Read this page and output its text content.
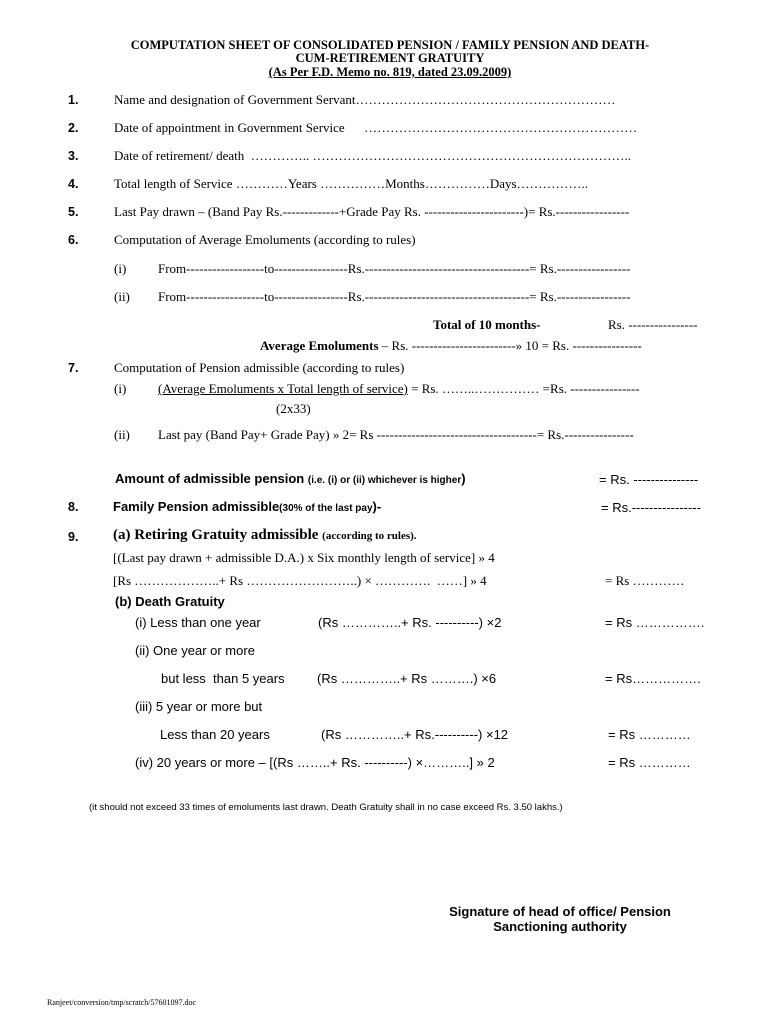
COMPUTATION SHEET OF CONSOLIDATED PENSION / FAMILY PENSION AND DEATH-
CUM-RETIREMENT GRATUITY
(As Per F.D. Memo no. 819, dated 23.09.2009)
1.	Name and designation of Government Servant……………………………………………………
2.	Date of appointment in Government Service      ………………………………………………………
3.	Date of retirement/ death  ………….. ………………………………………………………………..
4.	Total length of Service …………Years ……………Months……………Days……………..
5.	Last Pay drawn – (Band Pay Rs.-------------+Grade Pay Rs. -----------------------)= Rs.-----------------
6.	Computation of Average Emoluments (according to rules)
(i) From------------------to-----------------Rs.--------------------------------------= Rs.-----------------
(ii) From------------------to-----------------Rs.--------------------------------------= Rs.-----------------
Total of 10 months-	Rs. ----------------
Average Emoluments – Rs. ------------------------» 10 = Rs. ----------------
7.	Computation of Pension admissible (according to rules)
(i) (Average Emoluments x Total length of service) = Rs. ……..…………… =Rs. ----------------
(2x33)
(ii) Last pay (Band Pay+ Grade Pay) » 2= Rs -------------------------------------= Rs.----------------
Amount of admissible pension (i.e. (i) or (ii) whichever is higher)	= Rs. ---------------
8.	Family Pension admissible(30% of the last pay)-	= Rs.----------------
9. (a) Retiring Gratuity admissible (according to rules).
[(Last pay drawn + admissible D.A.) x Six monthly length of service] » 4
[Rs ………………..+ Rs ……………………..) × ………….  ……] » 4	= Rs …………
(b) Death Gratuity
(i) Less than one year	(Rs …………..+ Rs. ----------) ×2	= Rs …………….
(ii) One year or more
but less  than 5 years (Rs …………..+ Rs ……….) ×6	= Rs…………….
(iii) 5 year or more but
Less than 20 years	(Rs …………..+ Rs.----------) ×12	= Rs …………
(iv) 20 years or more – [(Rs ……..+ Rs. ----------) ×………..] » 2	= Rs …………
(it should not exceed 33 times of emoluments last drawn. Death Gratuity shall in no case exceed Rs. 3.50 lakhs.)
Signature of head of office/ Pension
Sanctioning authority
Ranjeet/conversion/tmp/scratch/57601097.doc
